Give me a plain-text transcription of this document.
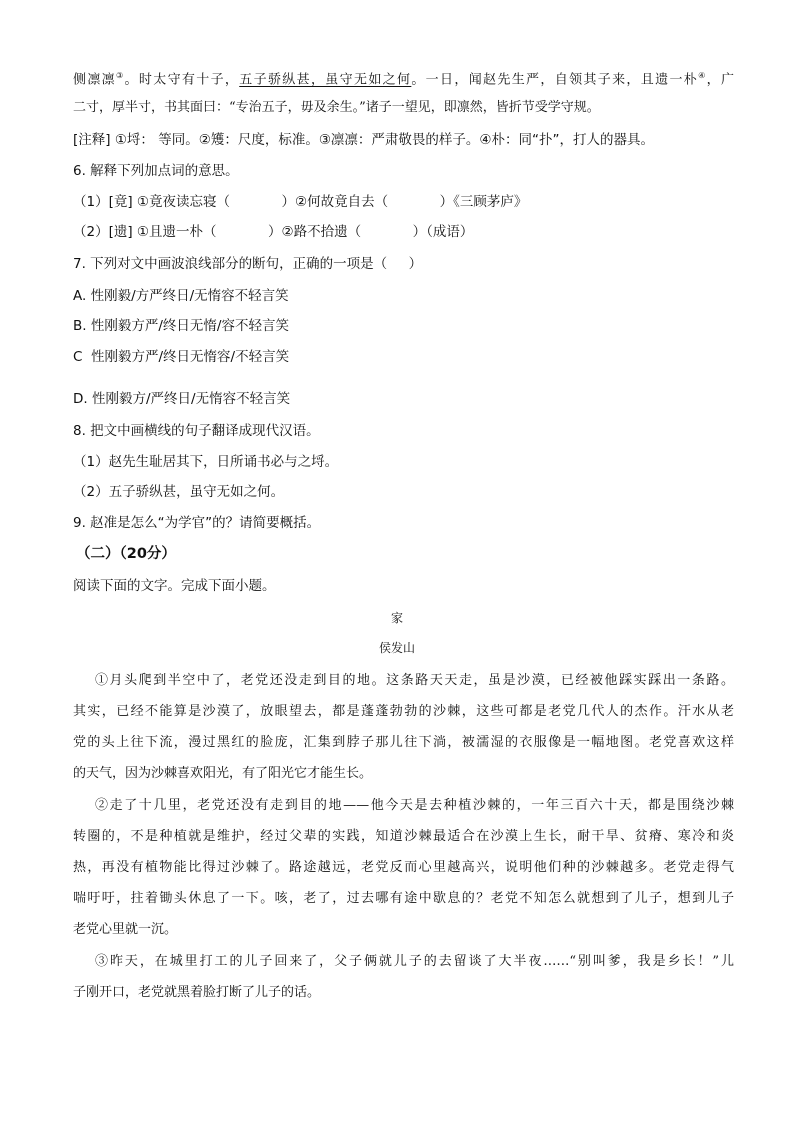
侧凛凛③。时太守有十子，五子骄纵甚，虽守无如之何。一日，闻赵先生严，自领其子来，且遗一朴④，广
二寸，厚半寸，书其面曰：“专治五子，毋及余生。”诸子一望见，即凛然，皆折节受学守规。
[注释] ①埒： 等同。②矱：尺度，标准。③凛凛：严肃敬畏的样子。④朴：同“扑”，打人的器具。
6. 解释下列加点词的意思。
（1）[竟] ①竟夜读忘寝（            ）②何故竟自去（            ）《三顾茅庐》
（2）[遗] ①且遗一朴（            ）②路不拾遗（            ）（成语）
7. 下列对文中画波浪线部分的断句，正确的一项是（     ）
A. 性刚毅/方严终日/无惰容不轻言笑
B. 性刚毅方严/终日无惰/容不轻言笑
C  性刚毅方严/终日无惰容/不轻言笑
D. 性刚毅方/严终日/无惰容不轻言笑
8. 把文中画横线的句子翻译成现代汉语。
（1）赵先生耻居其下，日所诵书必与之埒。
（2）五子骄纵甚，虽守无如之何。
9. 赵准是怎么“为学官”的？请简要概括。
（二）（20分）
阅读下面的文字。完成下面小题。
家
侯发山
①月头爬到半空中了，老党还没走到目的地。这条路天天走，虽是沙漠，已经被他踩实踩出一条路。
其实，已经不能算是沙漠了，放眼望去，都是蓬蓬勃勃的沙棘，这些可都是老党几代人的杰作。汗水从老
党的头上往下流，漫过黑红的脸庞，汇集到脖子那儿往下淌，被濡湿的衣服像是一幅地图。老党喜欢这样
的天气，因为沙棘喜欢阳光，有了阳光它才能生长。
②走了十几里，老党还没有走到目的地——他今天是去种植沙棘的，一年三百六十天，都是围绕沙棘
转圈的，不是种植就是维护，经过父辈的实践，知道沙棘最适合在沙漠上生长，耐干旱、贫瘠、寒冷和炎
热，再没有植物能比得过沙棘了。路途越远，老党反而心里越高兴，说明他们种的沙棘越多。老党走得气
喘吁吁，拄着锄头休息了一下。咳，老了，过去哪有途中歇息的？老党不知怎么就想到了儿子，想到儿子
老党心里就一沉。
③昨天，在城里打工的儿子回来了，父子俩就儿子的去留谈了大半夜……“别叫爹，我是乡长！”儿
子刚开口，老党就黑着脸打断了儿子的话。
